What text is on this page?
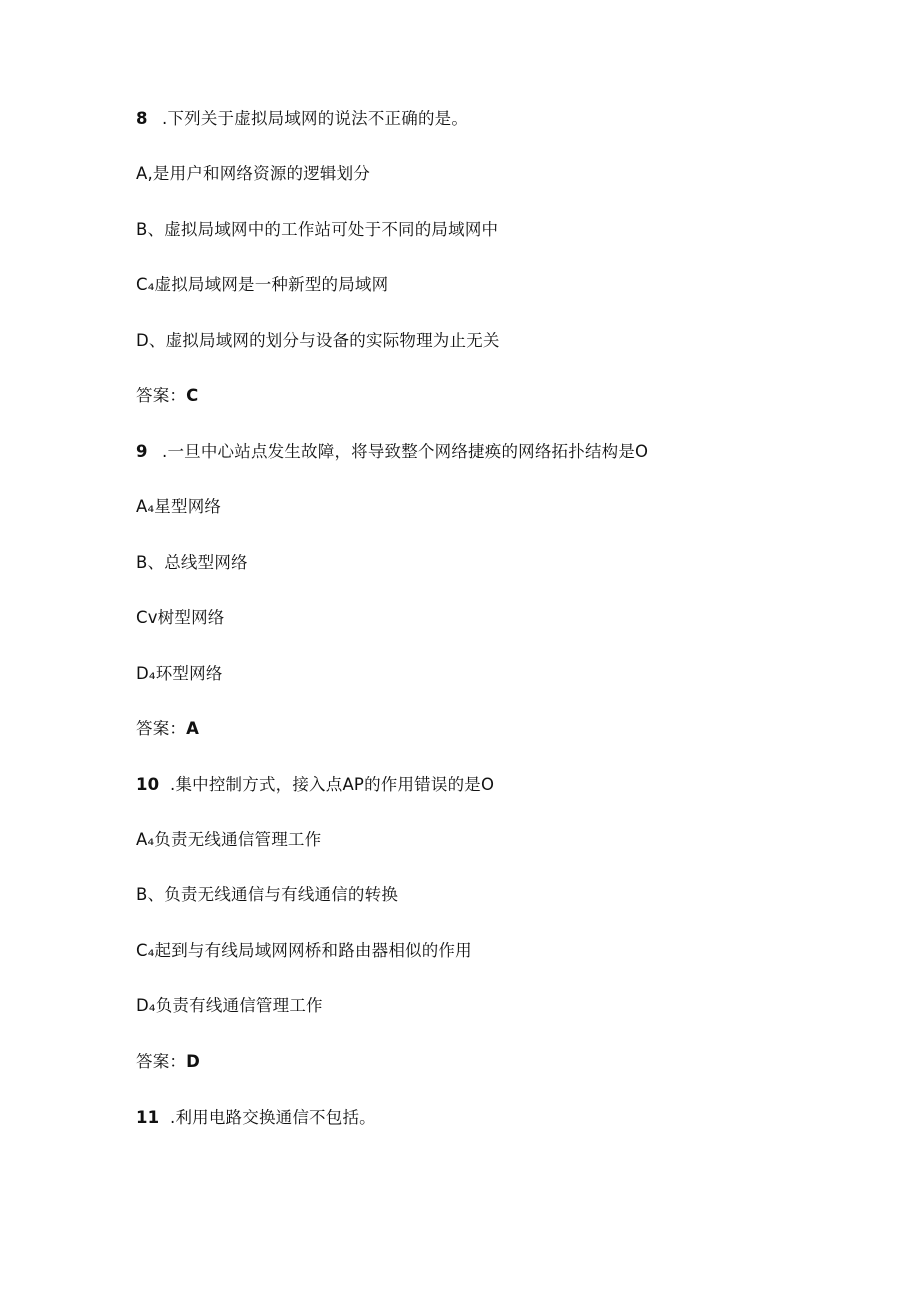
8 .下列关于虚拟局域网的说法不正确的是。
A,是用户和网络资源的逻辑划分
B、虚拟局域网中的工作站可处于不同的局域网中
C₄虚拟局域网是一种新型的局域网
D、虚拟局域网的划分与设备的实际物理为止无关
答案：C
9 .一旦中心站点发生故障，将导致整个网络捷痪的网络拓扑结构是O
A₄星型网络
B、总线型网络
Cv树型网络
D₄环型网络
答案：A
10 .集中控制方式，接入点AP的作用错误的是O
A₄负责无线通信管理工作
B、负责无线通信与有线通信的转换
C₄起到与有线局域网网桥和路由器相似的作用
D₄负责有线通信管理工作
答案：D
11 .利用电路交换通信不包括。
